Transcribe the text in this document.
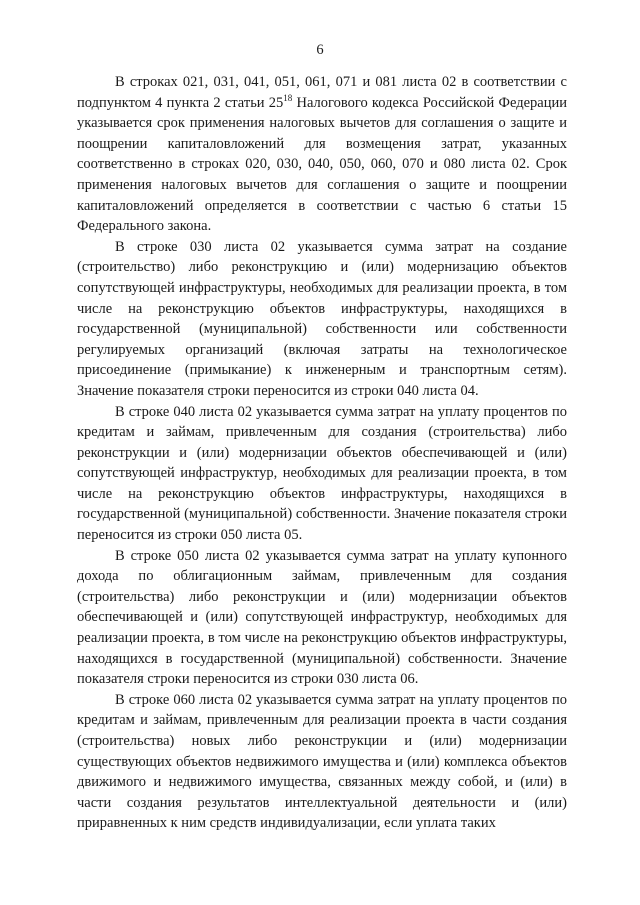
6

В строках 021, 031, 041, 051, 061, 071 и 081 листа 02 в соответствии с подпунктом 4 пункта 2 статьи $25^{18}$ Налогового кодекса Российской Федерации указывается срок применения налоговых вычетов для соглашения о защите и поощрении капиталовложений для возмещения затрат, указанных соответственно в строках 020, 030, 040, 050, 060, 070 и 080 листа 02. Срок применения налоговых вычетов для соглашения о защите и поощрении капиталовложений определяется в соответствии с частью 6 статьи 15 Федерального закона.

В строке 030 листа 02 указывается сумма затрат на создание (строительство) либо реконструкцию и (или) модернизацию объектов сопутствующей инфраструктуры, необходимых для реализации проекта, в том числе на реконструкцию объектов инфраструктуры, находящихся в государственной (муниципальной) собственности или собственности регулируемых организаций (включая затраты на технологическое присоединение (примыкание) к инженерным и транспортным сетям). Значение показателя строки переносится из строки 040 листа 04.

В строке 040 листа 02 указывается сумма затрат на уплату процентов по кредитам и займам, привлеченным для создания (строительства) либо реконструкции и (или) модернизации объектов обеспечивающей и (или) сопутствующей инфраструктур, необходимых для реализации проекта, в том числе на реконструкцию объектов инфраструктуры, находящихся в государственной (муниципальной) собственности. Значение показателя строки переносится из строки 050 листа 05.

В строке 050 листа 02 указывается сумма затрат на уплату купонного дохода по облигационным займам, привлеченным для создания (строительства) либо реконструкции и (или) модернизации объектов обеспечивающей и (или) сопутствующей инфраструктур, необходимых для реализации проекта, в том числе на реконструкцию объектов инфраструктуры, находящихся в государственной (муниципальной) собственности. Значение показателя строки переносится из строки 030 листа 06.

В строке 060 листа 02 указывается сумма затрат на уплату процентов по кредитам и займам, привлеченным для реализации проекта в части создания (строительства) новых либо реконструкции и (или) модернизации существующих объектов недвижимого имущества и (или) комплекса объектов движимого и недвижимого имущества, связанных между собой, и (или) в части создания результатов интеллектуальной деятельности и (или) приравненных к ним средств индивидуализации, если уплата таких
